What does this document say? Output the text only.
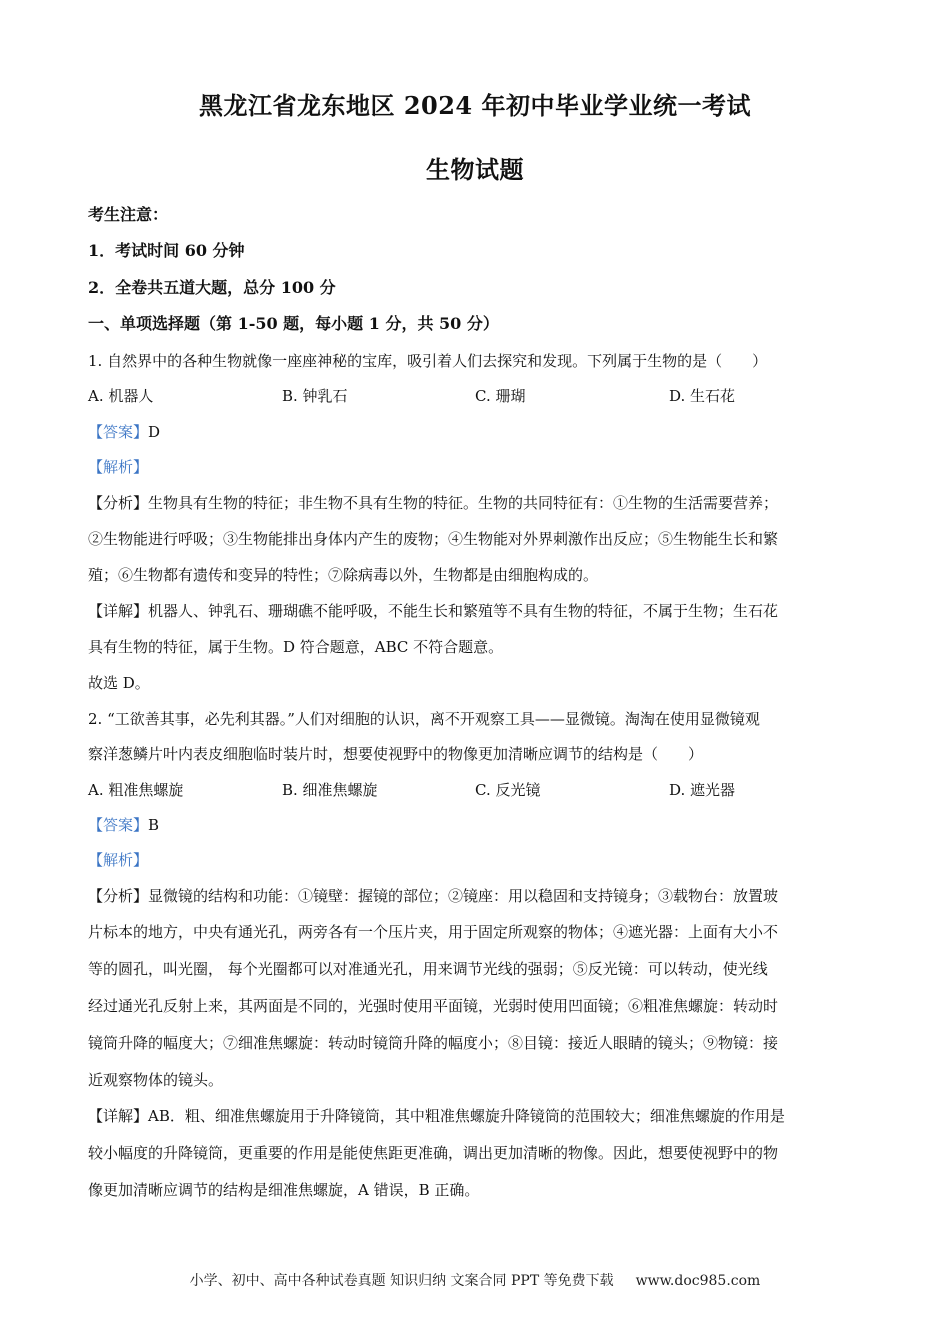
黑龙江省龙东地区 2024 年初中毕业学业统一考试
生物试题
考生注意：
1．考试时间 60 分钟
2．全卷共五道大题，总分 100 分
一、单项选择题（第 1-50 题，每小题 1 分，共 50 分）
1. 自然界中的各种生物就像一座座神秘的宝库，吸引着人们去探究和发现。下列属于生物的是（　　）
A. 机器人	B. 钟乳石	C. 珊瑚	D. 生石花
【答案】D
【解析】
【分析】生物具有生物的特征；非生物不具有生物的特征。生物的共同特征有：①生物的生活需要营养；
②生物能进行呼吸；③生物能排出身体内产生的废物；④生物能对外界刺激作出反应；⑤生物能生长和繁
殖；⑥生物都有遗传和变异的特性；⑦除病毒以外，生物都是由细胞构成的。
【详解】机器人、钟乳石、珊瑚礁不能呼吸，不能生长和繁殖等不具有生物的特征，不属于生物；生石花
具有生物的特征，属于生物。D 符合题意，ABC 不符合题意。
故选 D。
2. “工欲善其事，必先利其器。”人们对细胞的认识，离不开观察工具——显微镜。淘淘在使用显微镜观
察洋葱鳞片叶内表皮细胞临时装片时，想要使视野中的物像更加清晰应调节的结构是（　　）
A. 粗准焦螺旋	B. 细准焦螺旋	C. 反光镜	D. 遮光器
【答案】B
【解析】
【分析】显微镜的结构和功能：①镜壁：握镜的部位；②镜座：用以稳固和支持镜身；③载物台：放置玻
片标本的地方，中央有通光孔，两旁各有一个压片夹，用于固定所观察的物体；④遮光器：上面有大小不
等的圆孔，叫光圈， 每个光圈都可以对准通光孔，用来调节光线的强弱；⑤反光镜：可以转动，使光线
经过通光孔反射上来，其两面是不同的，光强时使用平面镜，光弱时使用凹面镜；⑥粗准焦螺旋：转动时
镜筒升降的幅度大；⑦细准焦螺旋：转动时镜筒升降的幅度小；⑧目镜：接近人眼睛的镜头；⑨物镜：接
近观察物体的镜头。
【详解】AB．粗、细准焦螺旋用于升降镜筒，其中粗准焦螺旋升降镜筒的范围较大；细准焦螺旋的作用是
较小幅度的升降镜筒，更重要的作用是能使焦距更准确，调出更加清晰的物像。因此，想要使视野中的物
像更加清晰应调节的结构是细准焦螺旋，A 错误，B 正确。
小学、初中、高中各种试卷真题 知识归纳 文案合同 PPT 等免费下载 www.doc985.com
